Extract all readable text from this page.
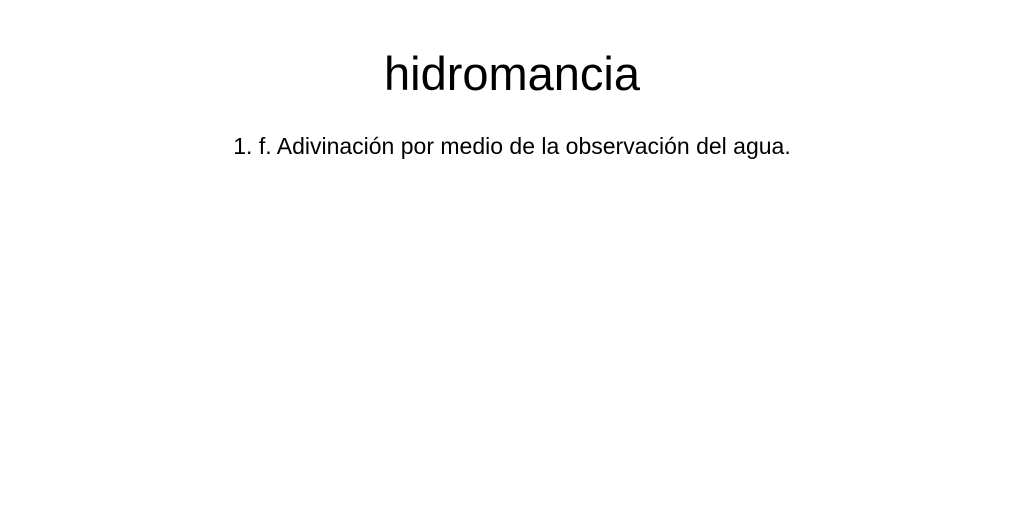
hidromancia

1. f. Adivinación por medio de la observación del agua.
